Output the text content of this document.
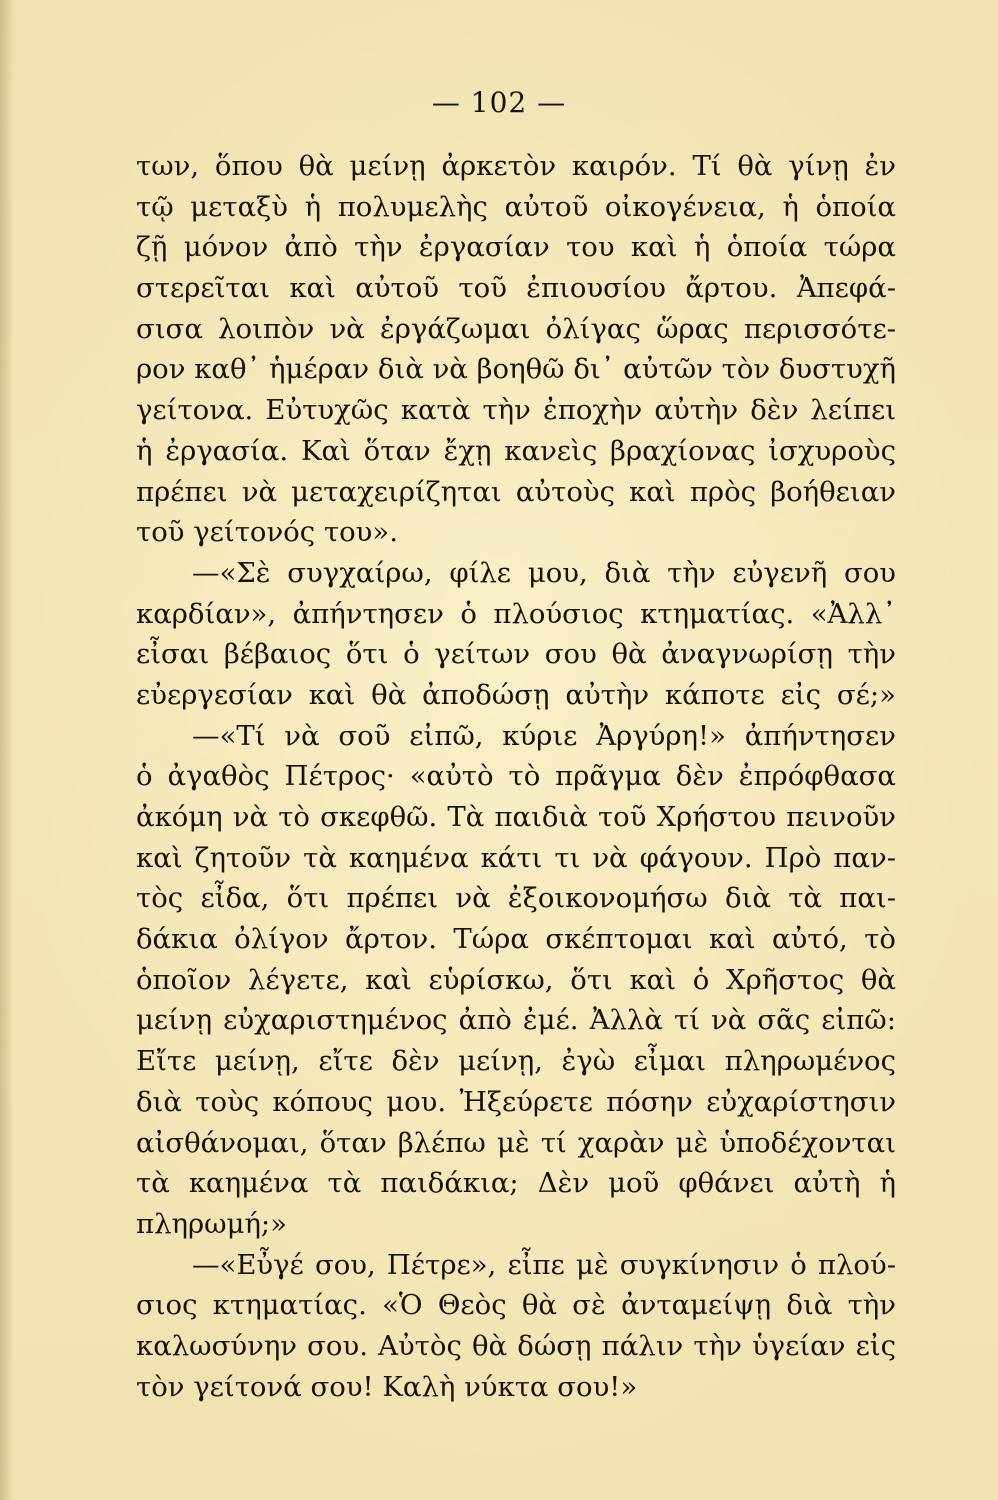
— 102 —
των, ὅπου θὰ μείνῃ ἀρκετὸν καιρόν. Τί θὰ γίνῃ ἐν
τῷ μεταξὺ ἡ πολυμελὴς αὐτοῦ οἰκογένεια, ἡ ὁποία
ζῇ μόνον ἀπὸ τὴν ἐργασίαν του καὶ ἡ ὁποία τώρα
στερεῖται καὶ αὐτοῦ τοῦ ἐπιουσίου ἄρτου. Ἀπεφά-
σισα λοιπὸν νὰ ἐργάζωμαι ὀλίγας ὥρας περισσότε-
ρον καθ᾿ ἡμέραν διὰ νὰ βοηθῶ δι᾿ αὐτῶν τὸν δυστυχῆ
γείτονα. Εὐτυχῶς κατὰ τὴν ἐποχὴν αὐτὴν δὲν λείπει
ἡ ἐργασία. Καὶ ὅταν ἔχῃ κανεὶς βραχίονας ἰσχυροὺς
πρέπει νὰ μεταχειρίζηται αὐτοὺς καὶ πρὸς βοήθειαν
τοῦ γείτονός του».
—«Σὲ συγχαίρω, φίλε μου, διὰ τὴν εὐγενῆ σου
καρδίαν», ἀπήντησεν ὁ πλούσιος κτηματίας. «Ἀλλ᾿
εἶσαι βέβαιος ὅτι ὁ γείτων σου θὰ ἀναγνωρίσῃ τὴν
εὐεργεσίαν καὶ θὰ ἀποδώσῃ αὐτὴν κάποτε εἰς σέ;»
—«Τί νὰ σοῦ εἰπῶ, κύριε Ἀργύρη!» ἀπήντησεν
ὁ ἀγαθὸς Πέτρος· «αὐτὸ τὸ πρᾶγμα δὲν ἐπρόφθασα
ἀκόμη νὰ τὸ σκεφθῶ. Τὰ παιδιὰ τοῦ Χρήστου πεινοῦν
καὶ ζητοῦν τὰ καημένα κάτι τι νὰ φάγουν. Πρὸ παν-
τὸς εἶδα, ὅτι πρέπει νὰ ἐξοικονομήσω διὰ τὰ παι-
δάκια ὀλίγον ἄρτον. Τώρα σκέπτομαι καὶ αὐτό, τὸ
ὁποῖον λέγετε, καὶ εὑρίσκω, ὅτι καὶ ὁ Χρῆστος θὰ
μείνῃ εὐχαριστημένος ἀπὸ ἐμέ. Ἀλλὰ τί νὰ σᾶς εἰπῶ:
Εἴτε μείνῃ, εἴτε δὲν μείνῃ, ἐγὼ εἶμαι πληρωμένος
διὰ τοὺς κόπους μου. Ἠξεύρετε πόσην εὐχαρίστησιν
αἰσθάνομαι, ὅταν βλέπω μὲ τί χαρὰν μὲ ὑποδέχονται
τὰ καημένα τὰ παιδάκια; Δὲν μοῦ φθάνει αὐτὴ ἡ
πληρωμή;»
—«Εὖγέ σου, Πέτρε», εἶπε μὲ συγκίνησιν ὁ πλού-
σιος κτηματίας. «Ὁ Θεὸς θὰ σὲ ἀνταμείψῃ διὰ τὴν
καλωσύνην σου. Αὐτὸς θὰ δώσῃ πάλιν τὴν ὑγείαν εἰς
τὸν γείτονά σου! Καλὴ νύκτα σου!»
